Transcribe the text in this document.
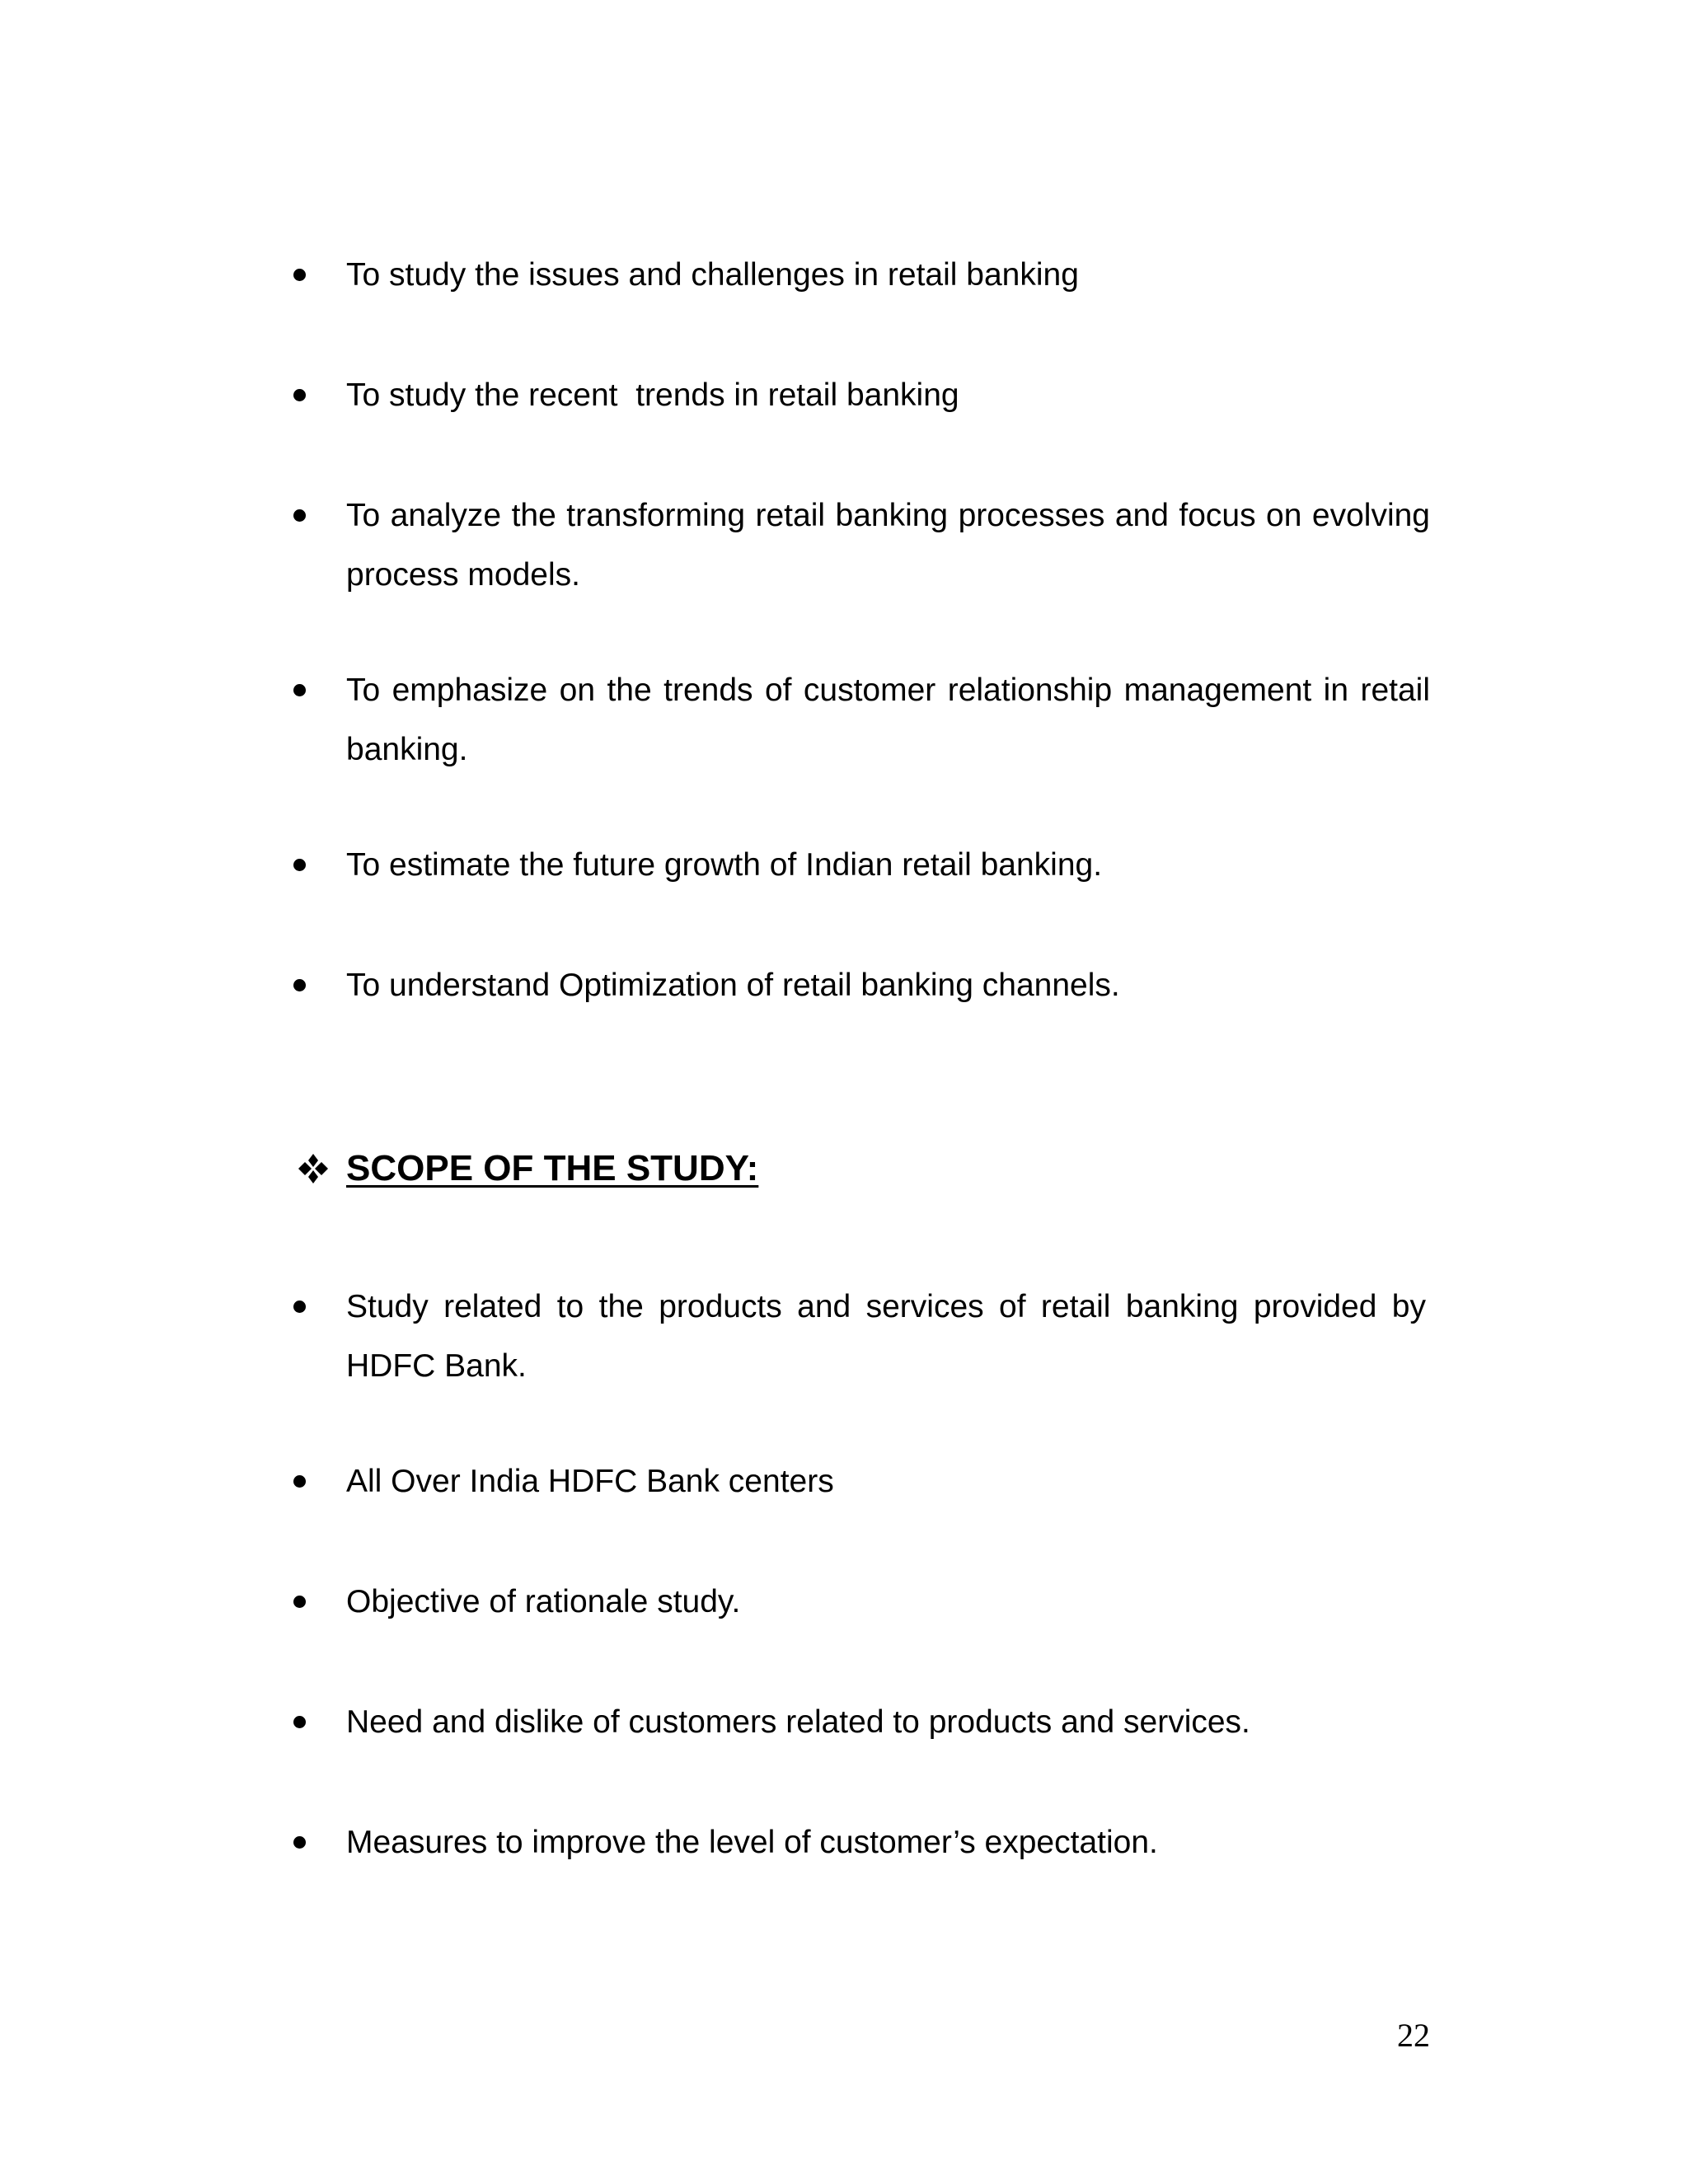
To study the issues and challenges in retail banking
To study the recent  trends in retail banking
To analyze the transforming retail banking processes and focus on evolving process models.
To emphasize on the trends of customer relationship management in retail banking.
To estimate the future growth of Indian retail banking.
To understand Optimization of retail banking channels.
SCOPE OF THE STUDY:
Study related to the products and services of retail banking provided by HDFC Bank.
All Over India HDFC Bank centers
Objective of rationale study.
Need and dislike of customers related to products and services.
Measures to improve the level of customer’s expectation.
22
